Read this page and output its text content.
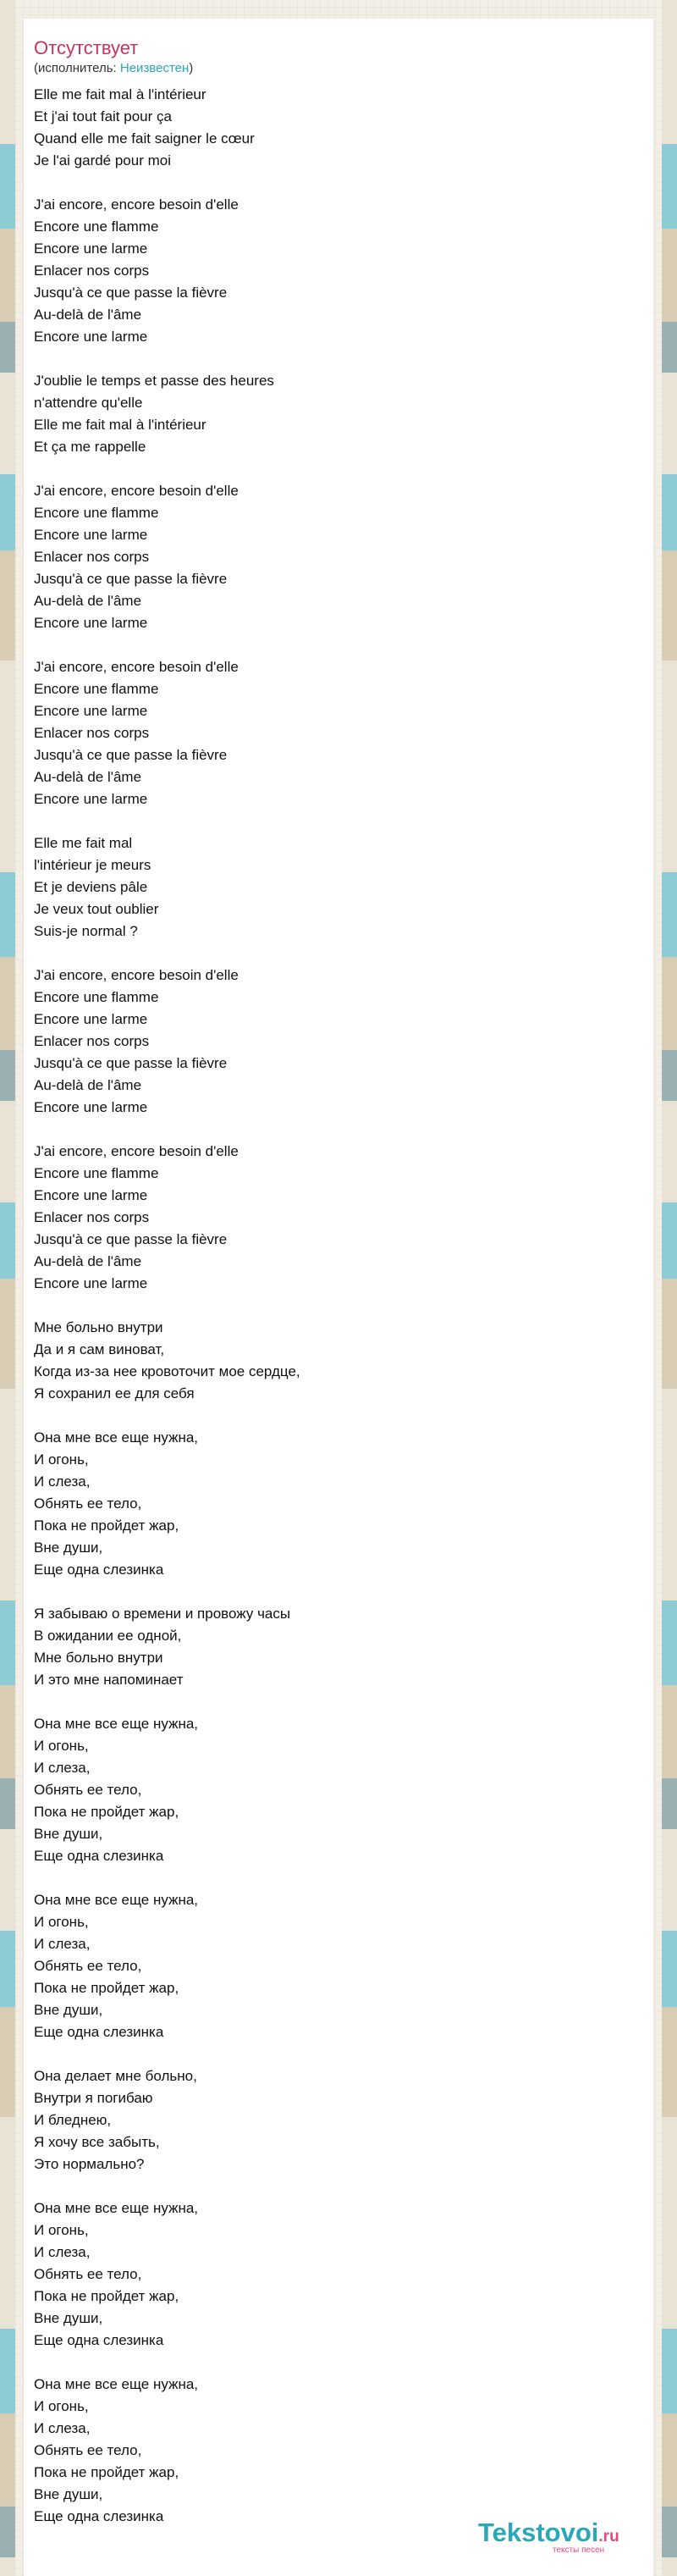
Отсутствует
(исполнитель: Неизвестен)
Elle me fait mal à l'intérieur
Et j'ai tout fait pour ça
Quand elle me fait saigner le cœur
Je l'ai gardé pour moi
J'ai encore, encore besoin d'elle
Encore une flamme
Encore une larme
Enlacer nos corps
Jusqu'à ce que passe la fièvre
Au-delà de l'âme
Encore une larme
J'oublie le temps et passe des heures
n'attendre qu'elle
Elle me fait mal à l'intérieur
Et ça me rappelle
J'ai encore, encore besoin d'elle
Encore une flamme
Encore une larme
Enlacer nos corps
Jusqu'à ce que passe la fièvre
Au-delà de l'âme
Encore une larme
J'ai encore, encore besoin d'elle
Encore une flamme
Encore une larme
Enlacer nos corps
Jusqu'à ce que passe la fièvre
Au-delà de l'âme
Encore une larme
Elle me fait mal
l'intérieur je meurs
Et je deviens pâle
Je veux tout oublier
Suis-je normal ?
J'ai encore, encore besoin d'elle
Encore une flamme
Encore une larme
Enlacer nos corps
Jusqu'à ce que passe la fièvre
Au-delà de l'âme
Encore une larme
J'ai encore, encore besoin d'elle
Encore une flamme
Encore une larme
Enlacer nos corps
Jusqu'à ce que passe la fièvre
Au-delà de l'âme
Encore une larme
Мне больно внутри
Да и я сам виноват,
Когда из-за нее кровоточит мое сердце,
Я сохранил ее для себя
Она мне все еще нужна,
И огонь,
И слеза,
Обнять ее тело,
Пока не пройдет жар,
Вне души,
Еще одна слезинка
Я забываю о времени и провожу часы
В ожидании ее одной,
Мне больно внутри
И это мне напоминает
Она мне все еще нужна,
И огонь,
И слеза,
Обнять ее тело,
Пока не пройдет жар,
Вне души,
Еще одна слезинка
Она мне все еще нужна,
И огонь,
И слеза,
Обнять ее тело,
Пока не пройдет жар,
Вне души,
Еще одна слезинка
Она делает мне больно,
Внутри я погибаю
И бледнею,
Я хочу все забыть,
Это нормально?
Она мне все еще нужна,
И огонь,
И слеза,
Обнять ее тело,
Пока не пройдет жар,
Вне души,
Еще одна слезинка
Она мне все еще нужна,
И огонь,
И слеза,
Обнять ее тело,
Пока не пройдет жар,
Вне души,
Еще одна слезинка
Tekstovoi.ru
тексты песен
